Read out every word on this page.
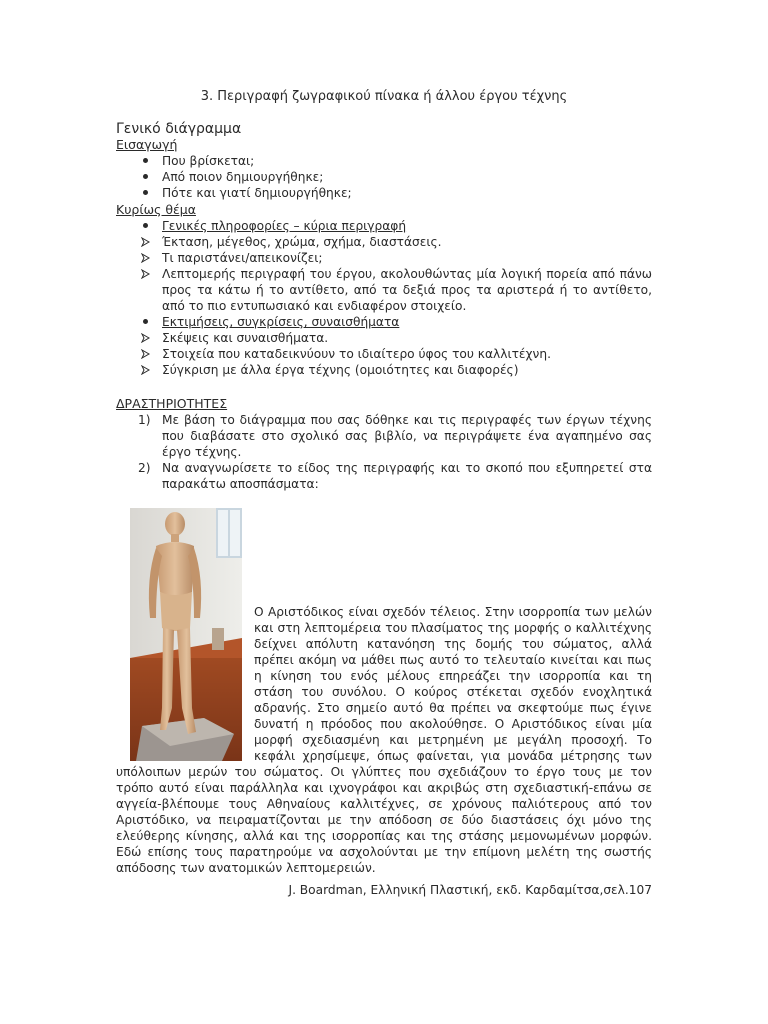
3. Περιγραφή ζωγραφικού πίνακα ή άλλου έργου τέχνης
Γενικό διάγραμμα
Εισαγωγή
Που βρίσκεται;
Από ποιον δημιουργήθηκε;
Πότε και γιατί δημιουργήθηκε;
Κυρίως θέμα
Γενικές πληροφορίες – κύρια περιγραφή
Έκταση, μέγεθος, χρώμα, σχήμα, διαστάσεις.
Τι παριστάνει/απεικονίζει;
Λεπτομερής περιγραφή του έργου, ακολουθώντας μία λογική πορεία από πάνω προς τα κάτω ή το αντίθετο, από τα δεξιά προς τα αριστερά ή το αντίθετο, από το πιο εντυπωσιακό και ενδιαφέρον στοιχείο.
Εκτιμήσεις, συγκρίσεις, συναισθήματα
Σκέψεις και συναισθήματα.
Στοιχεία που καταδεικνύουν το ιδιαίτερο ύφος του καλλιτέχνη.
Σύγκριση με άλλα έργα τέχνης (ομοιότητες και διαφορές)
ΔΡΑΣΤΗΡΙΟΤΗΤΕΣ
1) Με βάση το διάγραμμα που σας δόθηκε και τις περιγραφές των έργων τέχνης που διαβάσατε στο σχολικό σας βιβλίο, να περιγράψετε ένα αγαπημένο σας έργο τέχνης.
2) Να αναγνωρίσετε το είδος της περιγραφής και το σκοπό που εξυπηρετεί στα παρακάτω αποσπάσματα:

Ο Αριστόδικος είναι σχεδόν τέλειος. Στην ισορροπία των μελών και στη λεπτομέρεια του πλασίματος της μορφής ο καλλιτέχνης δείχνει απόλυτη κατανόηση της δομής του σώματος, αλλά πρέπει ακόμη να μάθει πως αυτό το τελευταίο κινείται και πως η κίνηση του ενός μέλους επηρεάζει την ισορροπία και τη στάση του συνόλου. Ο κούρος στέκεται σχεδόν ενοχλητικά αδρανής. Στο σημείο αυτό θα πρέπει να σκεφτούμε πως έγινε δυνατή η πρόοδος που ακολούθησε. Ο Αριστόδικος είναι μία μορφή σχεδιασμένη και μετρημένη με μεγάλη προσοχή. Το κεφάλι χρησίμεψε, όπως φαίνεται, για μονάδα μέτρησης των υπόλοιπων μερών του σώματος. Οι γλύπτες που σχεδιάζουν το έργο τους με τον τρόπο αυτό είναι παράλληλα και ιχνογράφοι και ακριβώς στη σχεδιαστική-επάνω σε αγγεία-βλέπουμε τους Αθηναίους καλλιτέχνες, σε χρόνους παλιότερους από τον Αριστόδικο, να πειραματίζονται με την απόδοση σε δύο διαστάσεις όχι μόνο της ελεύθερης κίνησης, αλλά και της ισορροπίας και της στάσης μεμονωμένων μορφών. Εδώ επίσης τους παρατηρούμε να ασχολούνται με την επίμονη μελέτη της σωστής απόδοσης των ανατομικών λεπτομερειών.

J. Boardman, Ελληνική Πλαστική, εκδ. Καρδαμίτσα,σελ.107
